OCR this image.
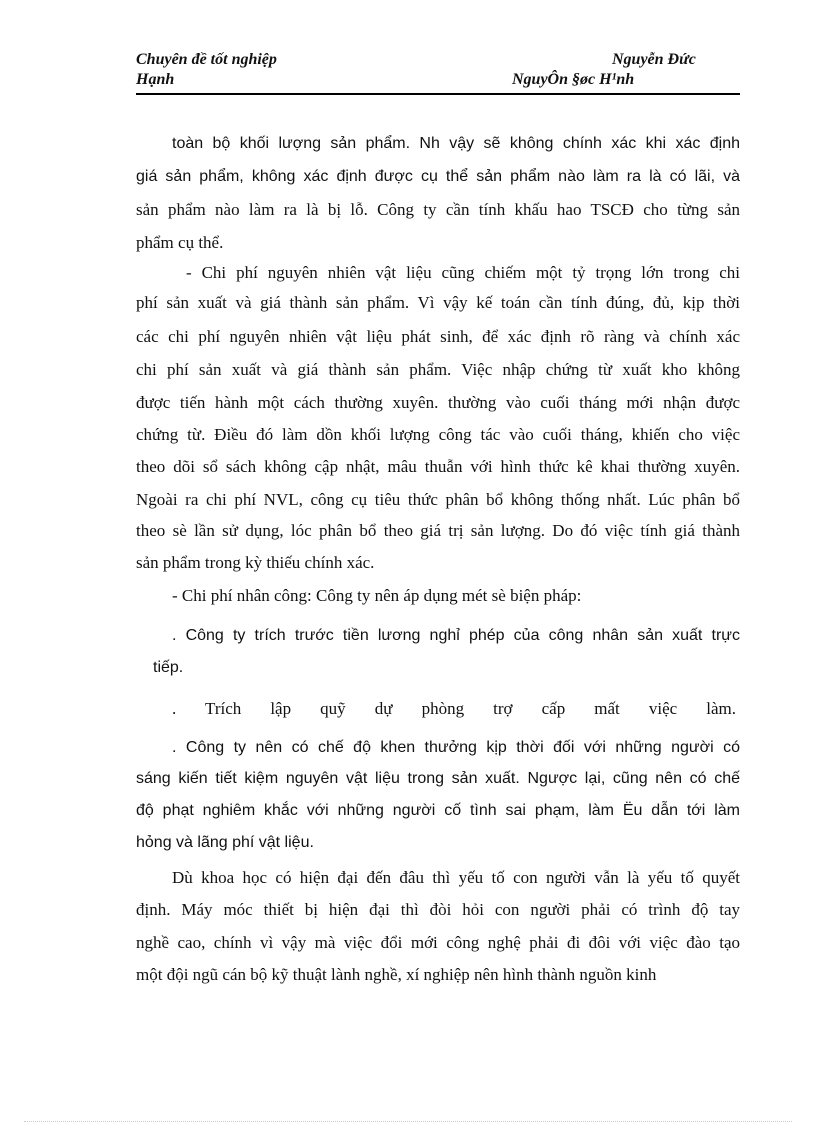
Chuyên đề tốt nghiệp
Hạnh
Nguyễn Đức
NguyÔn §øc H¹nh
toàn bộ khối lượng sản phẩm. Nh vậy sẽ không chính xác khi xác định
giá sản phẩm, không xác định được cụ thể sản phẩm nào làm ra là có lãi, và
sản phẩm nào làm ra là bị lỗ. Công ty cần tính khấu hao TSCĐ cho từng sản
phẩm cụ thể.
- Chi phí nguyên nhiên vật liệu cũng chiếm một tỷ trọng lớn trong chi
phí sản xuất và giá thành sản phẩm. Vì vậy kế toán cần tính đúng, đủ, kịp thời
các chi phí nguyên nhiên vật liệu phát sinh, để xác định rõ ràng và chính xác
chi phí sản xuất và giá thành sản phẩm. Việc nhập chứng từ xuất kho không
được tiến hành một cách thường xuyên. thường vào cuối tháng mới nhận được
chứng từ. Điều đó làm dồn khối lượng công tác vào cuối tháng, khiến cho việc
theo dõi sổ sách không cập nhật, mâu thuẫn với hình thức kê khai thường xuyên.
Ngoài ra chi phí NVL, công cụ tiêu thức phân bổ không thống nhất. Lúc phân bổ
theo sè lần sử dụng, lóc phân bổ theo giá trị sản lượng. Do đó việc tính giá thành
sản phẩm trong kỳ thiếu chính xác.
- Chi phí nhân công: Công ty nên áp dụng mét sè biện pháp:
. Công ty trích trước tiền lương nghỉ phép của công nhân sản xuất trực
tiếp.
. Trích lập quỹ dự phòng trợ cấp mất việc làm.
. Công ty nên có chế độ khen thưởng kịp thời đối với những người có
sáng kiến tiết kiệm nguyên vật liệu trong sản xuất. Ngược lại, cũng nên có chế
độ phạt nghiêm khắc với những người cố tình sai phạm, làm Ëu dẫn tới làm
hỏng và lãng phí vật liệu.
Dù khoa học có hiện đại đến đâu thì yếu tố con người vẫn là yếu tố quyết
định. Máy móc thiết bị hiện đại thì đòi hỏi con người phải có trình độ tay
nghề cao, chính vì vậy mà việc đổi mới công nghệ phải đi đôi với việc đào tạo
một đội ngũ cán bộ kỹ thuật lành nghề, xí nghiệp nên hình thành nguồn kinh
